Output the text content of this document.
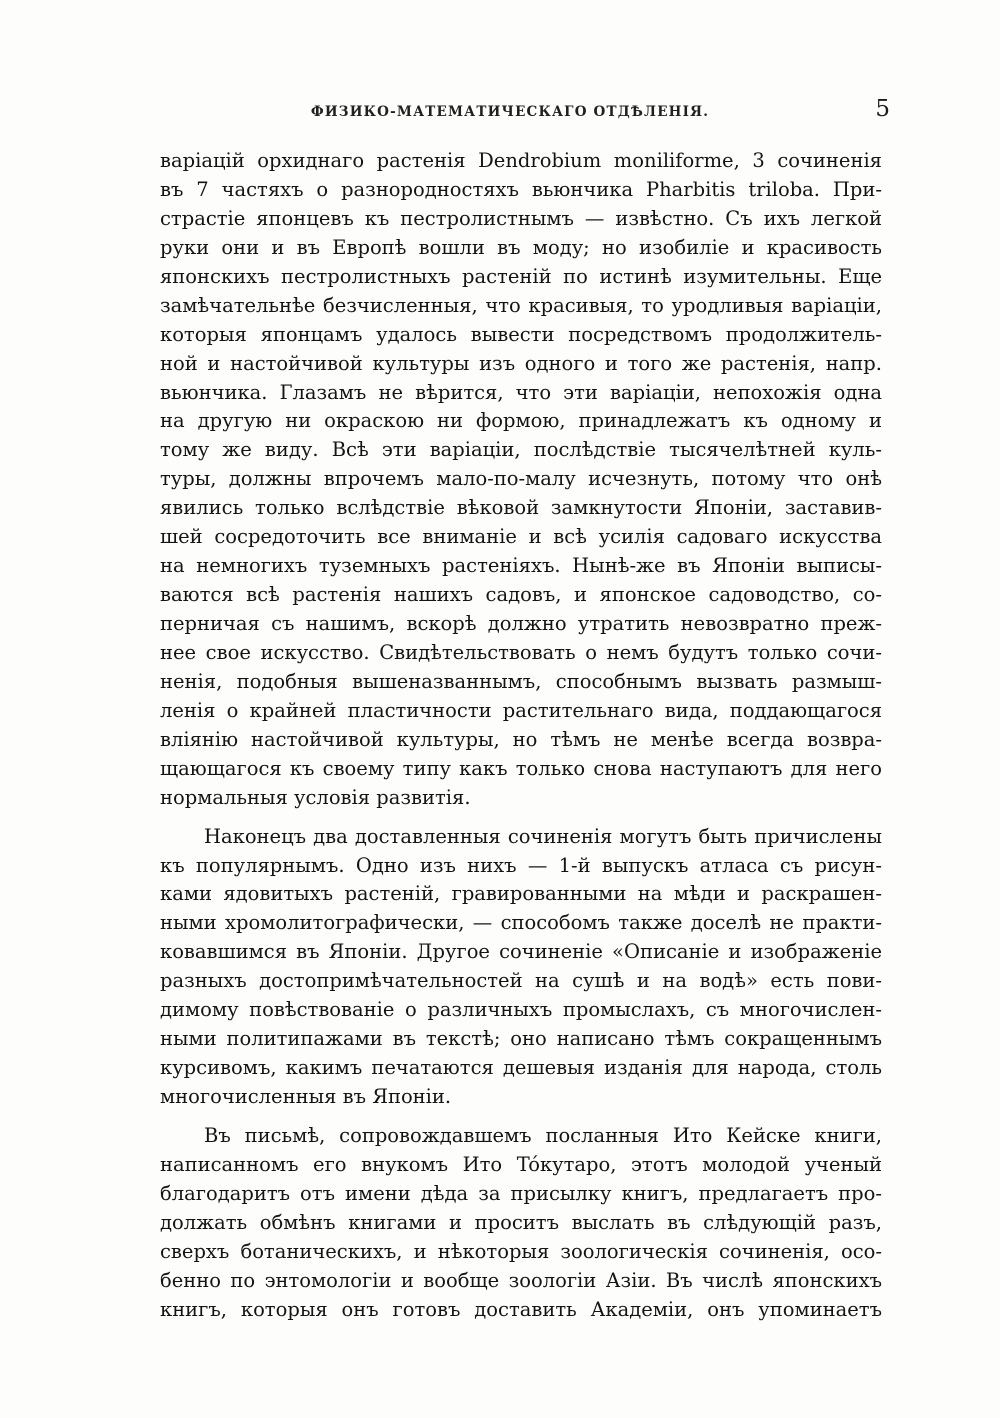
ФИЗИКО-МАТЕМАТИЧЕСКАГО ОТДѢЛЕНІЯ.	5
варіацій орхиднаго растенія Dendrobium moniliforme, 3 сочиненія
въ 7 частяхъ о разнородностяхъ вьюнчика Pharbitis triloba. При-
страстіе японцевъ къ пестролистнымъ — извѣстно. Съ ихъ легкой
руки они и въ Европѣ вошли въ моду; но изобиліе и красивость
японскихъ пестролистныхъ растеній по истинѣ изумительны. Еще
замѣчательнѣе безчисленныя, что красивыя, то уродливыя варіаціи,
которыя японцамъ удалось вывести посредствомъ продолжитель-
ной и настойчивой культуры изъ одного и того же растенія, напр.
вьюнчика. Глазамъ не вѣрится, что эти варіаціи, непохожія одна
на другую ни окраскою ни формою, принадлежатъ къ одному и
тому же виду. Всѣ эти варіаціи, послѣдствіе тысячелѣтней куль-
туры, должны впрочемъ мало-по-малу исчезнуть, потому что онѣ
явились только вслѣдствіе вѣковой замкнутости Японіи, заставив-
шей сосредоточить все вниманіе и всѣ усилія садоваго искусства
на немногихъ туземныхъ растеніяхъ. Нынѣ-же въ Японіи выписы-
ваются всѣ растенія нашихъ садовъ, и японское садоводство, со-
перничая съ нашимъ, вскорѣ должно утратить невозвратно преж-
нее свое искусство. Свидѣтельствовать о немъ будутъ только сочи-
ненія, подобныя вышеназваннымъ, способнымъ вызвать размыш-
ленія о крайней пластичности растительнаго вида, поддающагося
вліянію настойчивой культуры, но тѣмъ не менѣе всегда возвра-
щающагося къ своему типу какъ только снова наступаютъ для него
нормальныя условія развитія.
Наконецъ два доставленныя сочиненія могутъ быть причислены
къ популярнымъ. Одно изъ нихъ — 1-й выпускъ атласа съ рисун-
ками ядовитыхъ растеній, гравированными на мѣди и раскрашен-
ными хромолитографически, — способомъ также доселѣ не практи-
ковавшимся въ Японіи. Другое сочиненіе «Описаніе и изображеніе
разныхъ достопримѣчательностей на сушѣ и на водѣ» есть пови-
димому повѣствованіе о различныхъ промыслахъ, съ многочислен-
ными политипажами въ текстѣ; оно написано тѣмъ сокращеннымъ
курсивомъ, какимъ печатаются дешевыя изданія для народа, столь
многочисленныя въ Японіи.
Въ письмѣ, сопровождавшемъ посланныя Ито Кейске книги,
написанномъ его внукомъ Ито Tóкутаро, этотъ молодой ученый
благодаритъ отъ имени дѣда за присылку книгъ, предлагаетъ про-
должать обмѣнъ книгами и проситъ выслать въ слѣдующій разъ,
сверхъ ботаническихъ, и нѣкоторыя зоологическія сочиненія, осо-
бенно по энтомологіи и вообще зоологіи Азіи. Въ числѣ японскихъ
книгъ, которыя онъ готовъ доставить Академіи, онъ упоминаетъ
